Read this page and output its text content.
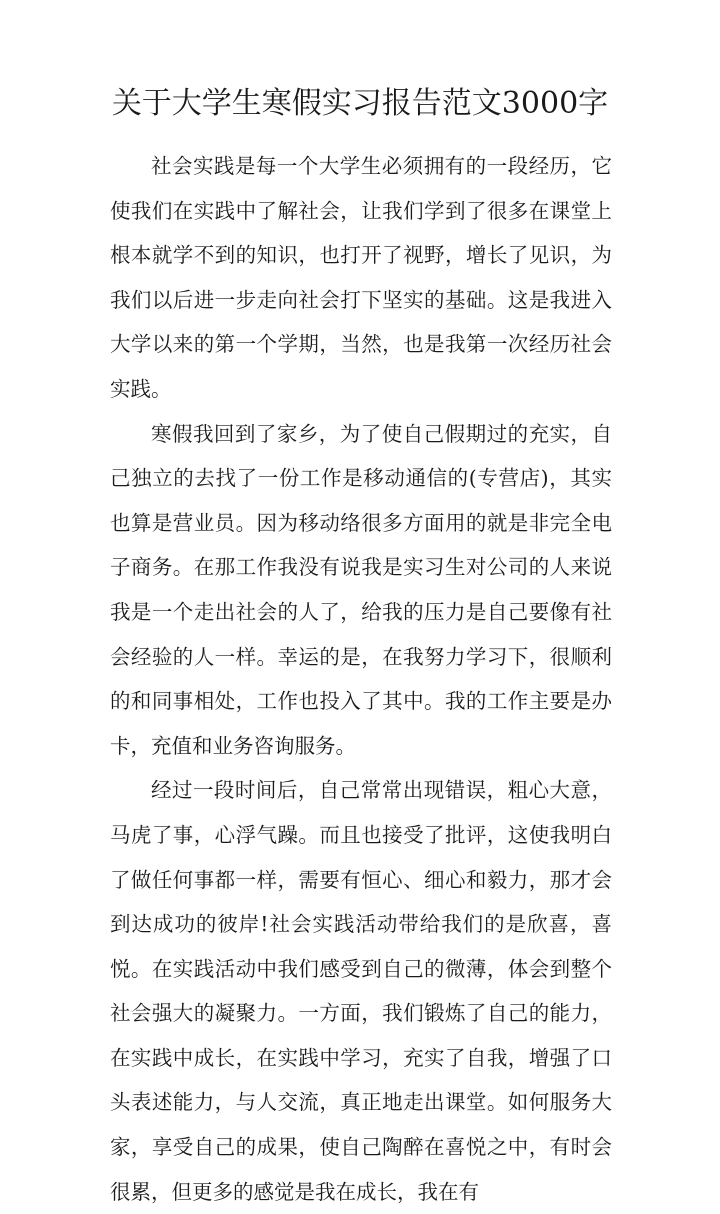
关于大学生寒假实习报告范文3000字

社会实践是每一个大学生必须拥有的一段经历，它使我们在实践中了解社会，让我们学到了很多在课堂上根本就学不到的知识，也打开了视野，增长了见识，为我们以后进一步走向社会打下坚实的基础。这是我进入大学以来的第一个学期，当然，也是我第一次经历社会实践。

寒假我回到了家乡，为了使自己假期过的充实，自己独立的去找了一份工作是移动通信的(专营店)，其实也算是营业员。因为移动络很多方面用的就是非完全电子商务。在那工作我没有说我是实习生对公司的人来说我是一个走出社会的人了，给我的压力是自己要像有社会经验的人一样。幸运的是，在我努力学习下，很顺利的和同事相处，工作也投入了其中。我的工作主要是办卡，充值和业务咨询服务。

经过一段时间后，自己常常出现错误，粗心大意，马虎了事，心浮气躁。而且也接受了批评，这使我明白了做任何事都一样，需要有恒心、细心和毅力，那才会到达成功的彼岸!社会实践活动带给我们的是欣喜，喜悦。在实践活动中我们感受到自己的微薄，体会到整个社会强大的凝聚力。一方面，我们锻炼了自己的能力，在实践中成长，在实践中学习，充实了自我，增强了口头表述能力，与人交流，真正地走出课堂。如何服务大家，享受自己的成果，使自己陶醉在喜悦之中，有时会很累，但更多的感觉是我在成长，我在有
